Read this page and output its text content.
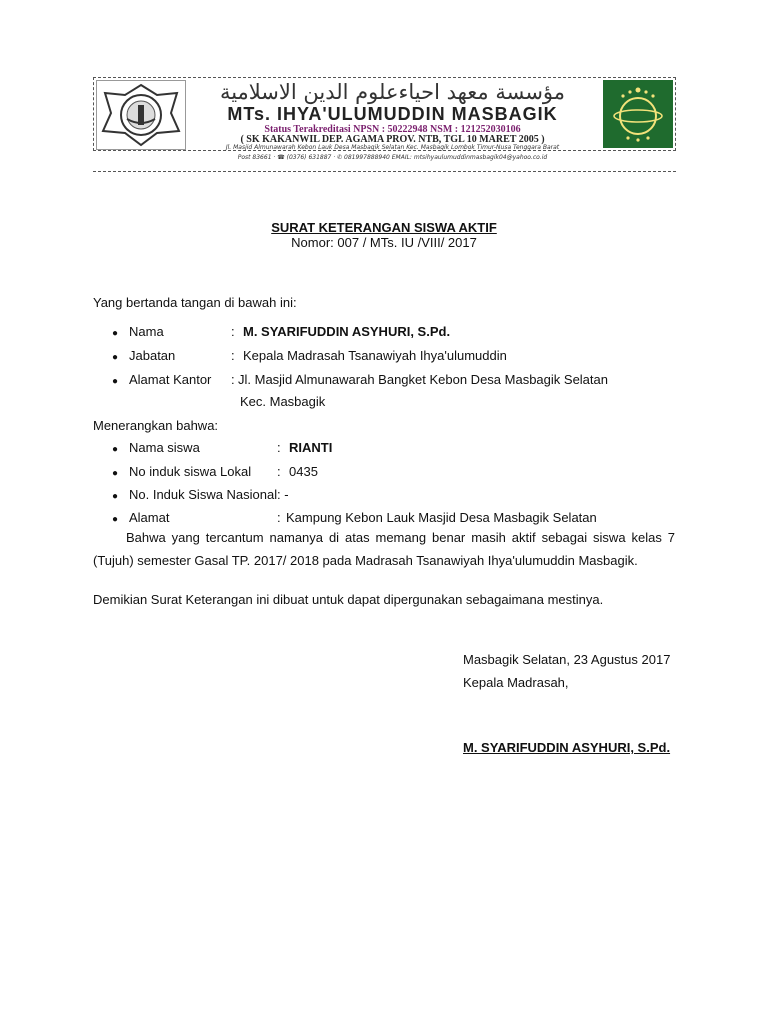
مؤسسة معهد احياءعلوم الدين الاسلامية
MTs. IHYA'ULUMUDDIN MASBAGIK
Status Terakreditasi NPSN : 50222948 NSM : 121252030106
( SK KAKANWIL DEP. AGAMA PROV. NTB, TGL 10 MARET 2005 )
Jl. Masjid Almunawarah Kebon Lauk Desa Masbagik Selatan Kec. Masbagik Lombok Timur-Nusa Tenggara Barat
Post 83661 · ☎ (0376) 631887 · ✆ 081997888940 EMAIL: mtsihyaulumuddinmasbagik04@yahoo.co.id
SURAT KETERANGAN SISWA AKTIF
Nomor: 007 / MTs. IU /VIII/ 2017
Yang bertanda tangan di bawah ini:
● Nama	: M. SYARIFUDDIN ASYHURI, S.Pd.
● Jabatan	: Kepala Madrasah Tsanawiyah Ihya'ulumuddin
● Alamat Kantor : Jl. Masjid Almunawarah Bangket Kebon Desa Masbagik Selatan
Kec. Masbagik
Menerangkan bahwa:
● Nama siswa	: RIANTI
● No induk siswa Lokal : 0435
● No. Induk Siswa Nasional : -
● Alamat	: Kampung Kebon Lauk Masjid Desa Masbagik Selatan
Bahwa yang tercantum namanya di atas memang benar masih aktif sebagai siswa kelas 7 (Tujuh) semester Gasal TP. 2017/ 2018 pada Madrasah Tsanawiyah Ihya'ulumuddin Masbagik.
Demikian Surat Keterangan ini dibuat untuk dapat dipergunakan sebagaimana mestinya.
Masbagik Selatan, 23 Agustus 2017
Kepala Madrasah,
M. SYARIFUDDIN ASYHURI, S.Pd.
